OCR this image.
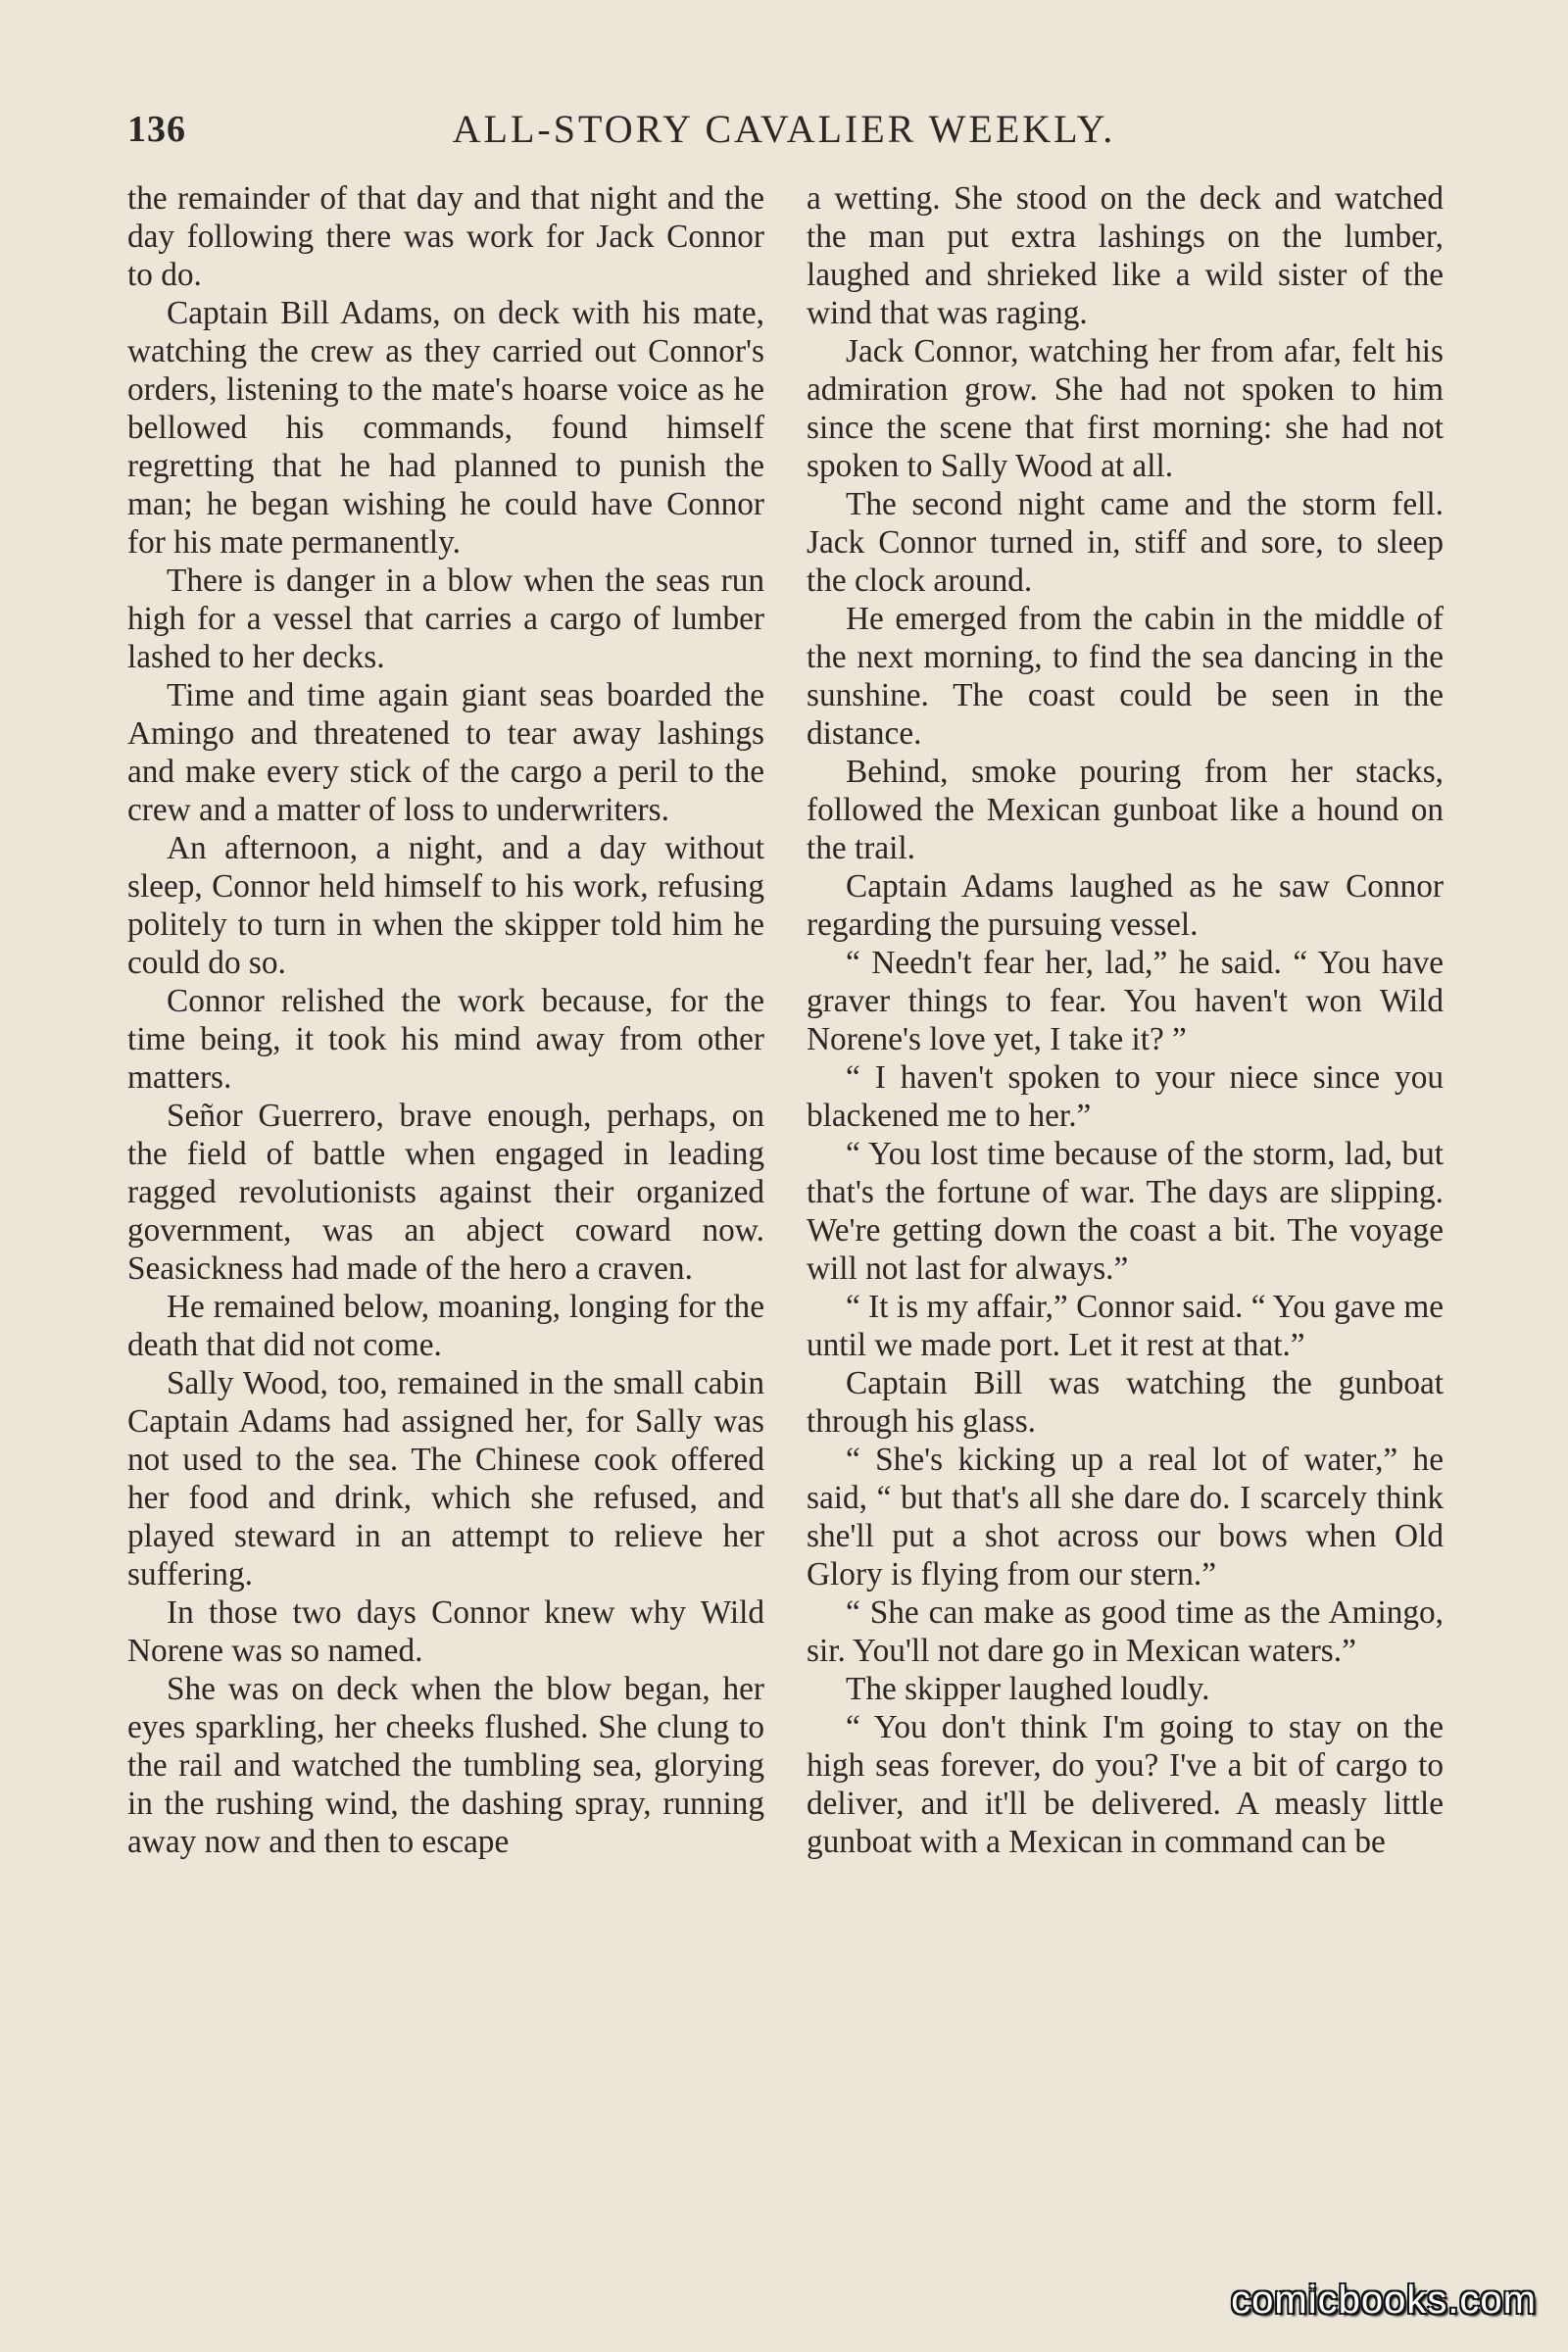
136	ALL-STORY CAVALIER WEEKLY.

the remainder of that day and that night and the day following there was work for Jack Connor to do.

Captain Bill Adams, on deck with his mate, watching the crew as they carried out Connor's orders, listening to the mate's hoarse voice as he bellowed his commands, found himself regretting that he had planned to punish the man; he began wishing he could have Connor for his mate permanently.

There is danger in a blow when the seas run high for a vessel that carries a cargo of lumber lashed to her decks.

Time and time again giant seas boarded the Amingo and threatened to tear away lashings and make every stick of the cargo a peril to the crew and a matter of loss to underwriters.

An afternoon, a night, and a day without sleep, Connor held himself to his work, refusing politely to turn in when the skipper told him he could do so.

Connor relished the work because, for the time being, it took his mind away from other matters.

Señor Guerrero, brave enough, perhaps, on the field of battle when engaged in leading ragged revolutionists against their organized government, was an abject coward now. Seasickness had made of the hero a craven.

He remained below, moaning, longing for the death that did not come.

Sally Wood, too, remained in the small cabin Captain Adams had assigned her, for Sally was not used to the sea. The Chinese cook offered her food and drink, which she refused, and played steward in an attempt to relieve her suffering.

In those two days Connor knew why Wild Norene was so named.

She was on deck when the blow began, her eyes sparkling, her cheeks flushed. She clung to the rail and watched the tumbling sea, glorying in the rushing wind, the dashing spray, running away now and then to escape

a wetting. She stood on the deck and watched the man put extra lashings on the lumber, laughed and shrieked like a wild sister of the wind that was raging.

Jack Connor, watching her from afar, felt his admiration grow. She had not spoken to him since the scene that first morning: she had not spoken to Sally Wood at all.

The second night came and the storm fell. Jack Connor turned in, stiff and sore, to sleep the clock around.

He emerged from the cabin in the middle of the next morning, to find the sea dancing in the sunshine. The coast could be seen in the distance.

Behind, smoke pouring from her stacks, followed the Mexican gunboat like a hound on the trail.

Captain Adams laughed as he saw Connor regarding the pursuing vessel.

“ Needn't fear her, lad,” he said. “ You have graver things to fear. You haven't won Wild Norene's love yet, I take it? ”

“ I haven't spoken to your niece since you blackened me to her.”

“ You lost time because of the storm, lad, but that's the fortune of war. The days are slipping. We're getting down the coast a bit. The voyage will not last for always.”

“ It is my affair,” Connor said. “ You gave me until we made port. Let it rest at that.”

Captain Bill was watching the gunboat through his glass.

“ She's kicking up a real lot of water,” he said, “ but that's all she dare do. I scarcely think she'll put a shot across our bows when Old Glory is flying from our stern.”

“ She can make as good time as the Amingo, sir. You'll not dare go in Mexican waters.”

The skipper laughed loudly.

“ You don't think I'm going to stay on the high seas forever, do you? I've a bit of cargo to deliver, and it'll be delivered. A measly little gunboat with a Mexican in command can be

comicbooks.com
